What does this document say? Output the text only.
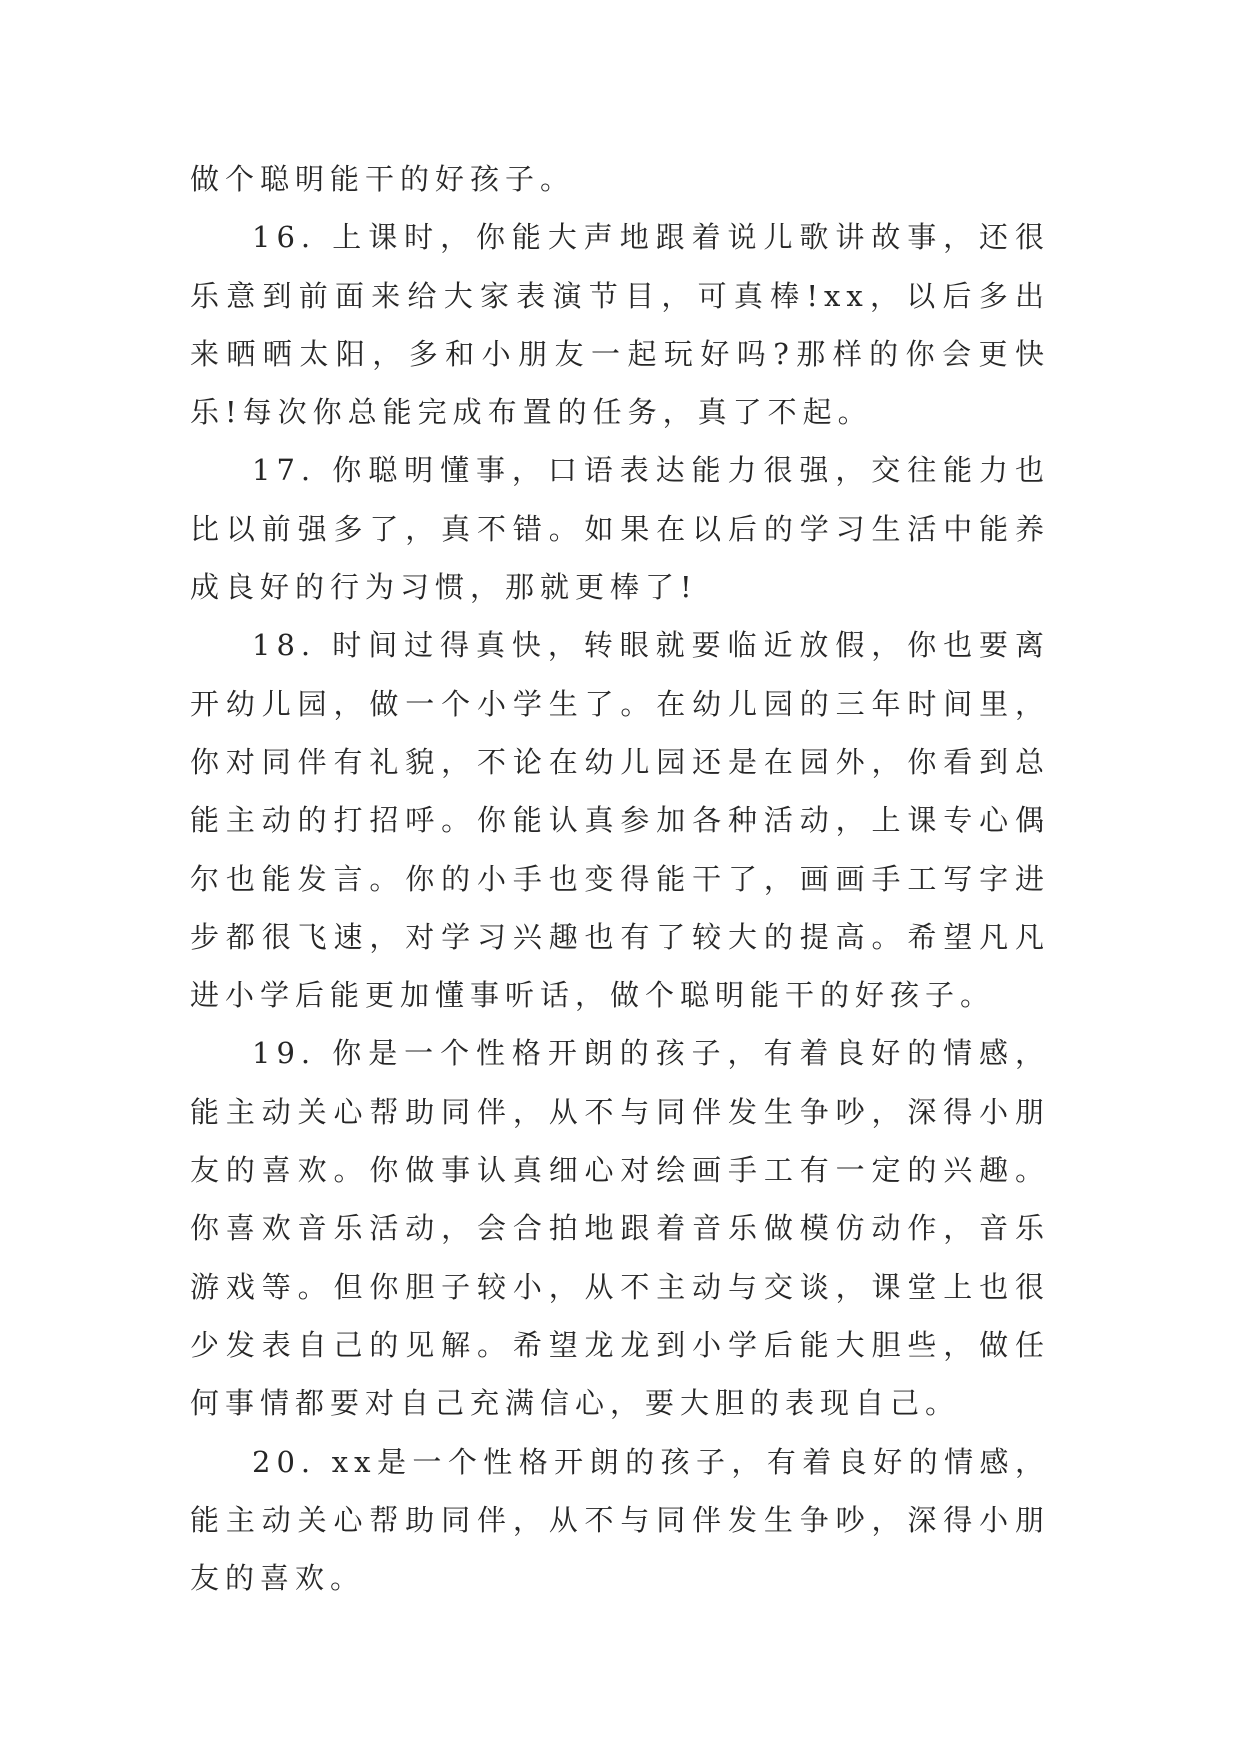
做个聪明能干的好孩子。

16. 上课时，你能大声地跟着说儿歌讲故事，还很乐意到前面来给大家表演节目，可真棒!xx，以后多出来晒晒太阳，多和小朋友一起玩好吗?那样的你会更快乐!每次你总能完成布置的任务，真了不起。

17. 你聪明懂事，口语表达能力很强，交往能力也比以前强多了，真不错。如果在以后的学习生活中能养成良好的行为习惯，那就更棒了!

18. 时间过得真快，转眼就要临近放假，你也要离开幼儿园，做一个小学生了。在幼儿园的三年时间里，你对同伴有礼貌，不论在幼儿园还是在园外，你看到总能主动的打招呼。你能认真参加各种活动，上课专心偶尔也能发言。你的小手也变得能干了，画画手工写字进步都很飞速，对学习兴趣也有了较大的提高。希望凡凡进小学后能更加懂事听话，做个聪明能干的好孩子。

19. 你是一个性格开朗的孩子，有着良好的情感，能主动关心帮助同伴，从不与同伴发生争吵，深得小朋友的喜欢。你做事认真细心对绘画手工有一定的兴趣。你喜欢音乐活动，会合拍地跟着音乐做模仿动作，音乐游戏等。但你胆子较小，从不主动与交谈，课堂上也很少发表自己的见解。希望龙龙到小学后能大胆些，做任何事情都要对自己充满信心，要大胆的表现自己。

20. xx是一个性格开朗的孩子，有着良好的情感，能主动关心帮助同伴，从不与同伴发生争吵，深得小朋友的喜欢。
